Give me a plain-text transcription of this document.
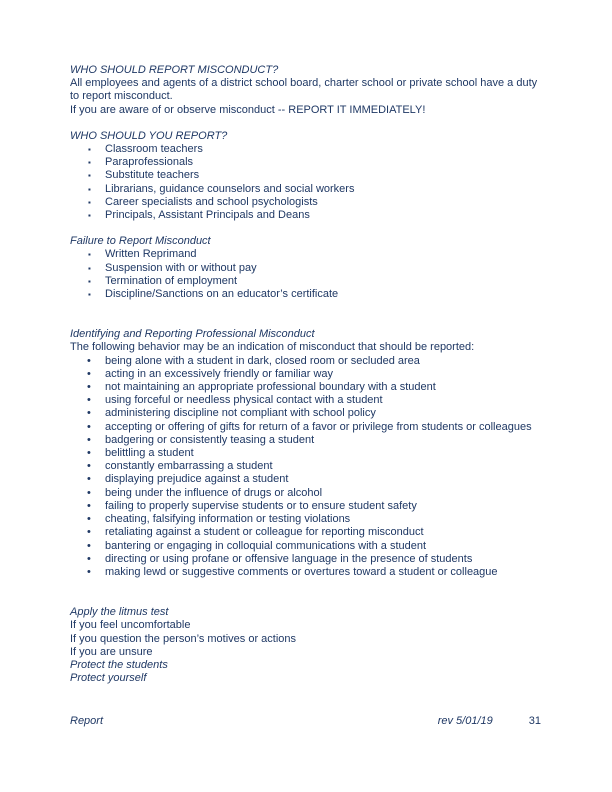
WHO SHOULD REPORT MISCONDUCT?

All employees and agents of a district school board, charter school or private school have a duty to report misconduct.

If you are aware of or observe misconduct -- REPORT IT IMMEDIATELY!

WHO SHOULD YOU REPORT?
▪ Classroom teachers
▪ Paraprofessionals
▪ Substitute teachers
▪ Librarians, guidance counselors and social workers
▪ Career specialists and school psychologists
▪ Principals, Assistant Principals and Deans
Failure to Report Misconduct
▪ Written Reprimand
▪ Suspension with or without pay
▪ Termination of employment
▪ Discipline/Sanctions on an educator’s certificate
Identifying and Reporting Professional Misconduct

The following behavior may be an indication of misconduct that should be reported:

• being alone with a student in dark, closed room or secluded area
• acting in an excessively friendly or familiar way
• not maintaining an appropriate professional boundary with a student
• using forceful or needless physical contact with a student
• administering discipline not compliant with school policy
• accepting or offering of gifts for return of a favor or privilege from students or colleagues
• badgering or consistently teasing a student
• belittling a student
• constantly embarrassing a student
• displaying prejudice against a student
• being under the influence of drugs or alcohol
• failing to properly supervise students or to ensure student safety
• cheating, falsifying information or testing violations
• retaliating against a student or colleague for reporting misconduct
• bantering or engaging in colloquial communications with a student
• directing or using profane or offensive language in the presence of students
• making lewd or suggestive comments or overtures toward a student or colleague
Apply the litmus test
If you feel uncomfortable
If you question the person’s motives or actions
If you are unsure
Protect the students
Protect yourself
Report	rev 5/01/19	31
